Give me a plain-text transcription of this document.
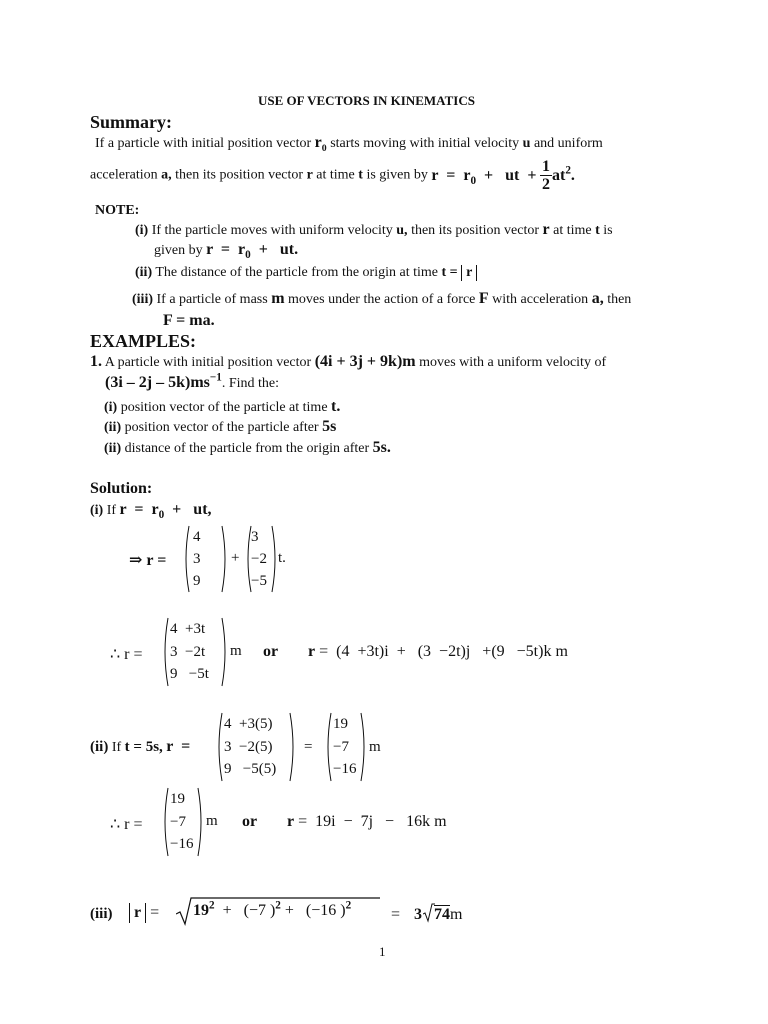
USE OF VECTORS IN KINEMATICS
Summary:
If a particle with initial position vector $r_0$ starts moving with initial velocity u and uniform
acceleration a, then its position vector r at time t is given by $r = r_0$  +   ut  + $\frac{1}{2} at^2$.
NOTE:
(i) If the particle moves with uniform velocity u, then its position vector r at time t is
given by $r = r_0$  +   ut.
(ii) The distance of the particle from the origin at time t = r
(iii) If a particle of mass m moves under the action of a force F with acceleration a, then
F = ma.
EXAMPLES:
1. A particle with initial position vector (4i + 3j + 9k)m moves with a uniform velocity of
$(3i - 2j - 5k)ms^{-1}$. Find the:
(i) position vector of the particle at time t.
(ii) position vector of the particle after 5s
(ii) distance of the particle from the origin after 5s.
Solution:
(i) If $r = r_0$  +   ut,
⇒ r =
4
3
9
+
3
−2
−5
t.
∴ r =
4  +3t
3  −2t
9   −5t
m or r =  (4  +3t)i  +   (3  −2t)j   +(9   −5t)k m
(ii) If t = 5s, r  =
4  +3(5)
3  −2(5)
9   −5(5)
=
19
−7
−16
m
∴ r =
19
−7
−16
m or r =  19i  −  7j   −   16k m
(iii)	$r = 19^2 + (-7$ )$^2$ +   (−16 )$^2$
= 3 74m
1
